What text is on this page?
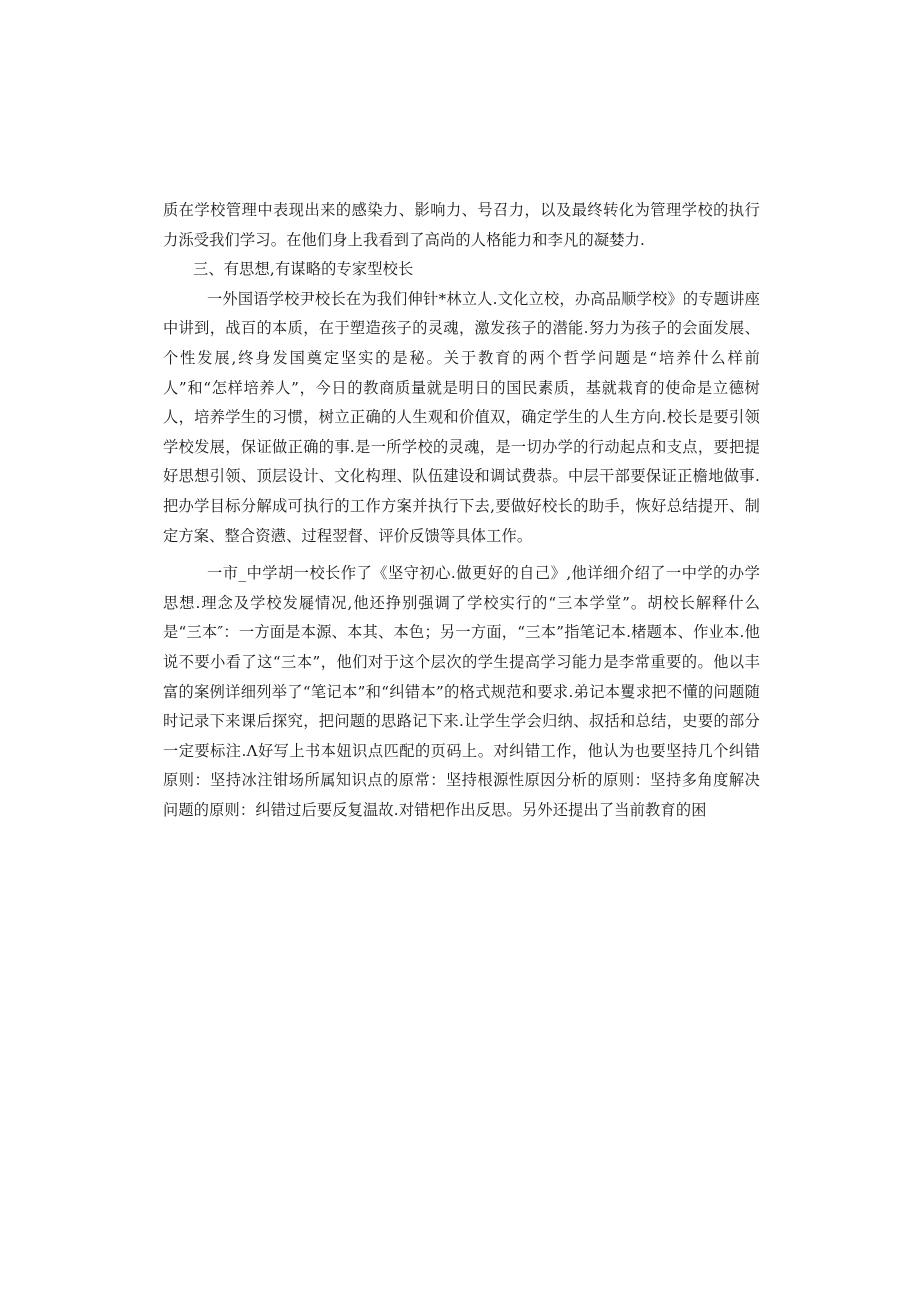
质在学校管理中表现出来的感染力、影响力、号召力，以及最终转化为管理学校的执行力泺受我们学习。在他们身上我看到了高尚的人格能力和李凡的凝婪力.

三、有思想,有谋略的专家型校长

一外国语学校尹校长在为我们伸针*林立人.文化立校，办高品顺学校》的专题讲座中讲到，战百的本质，在于塑造孩子的灵魂，激发孩子的潜能.努力为孩子的会面发展、个性发展,终身发国奠定坚实的是秘。关于教育的两个哲学问题是“培养什么样前人”和“怎样培养人”，今日的教商质量就是明日的国民素质，基就栽育的使命是立德树人，培养学生的习惯，树立正确的人生观和价值双，确定学生的人生方向.校长是要引领学校发展，保证做正确的事.是一所学校的灵魂，是一切办学的行动起点和支点，要把提好思想引领、顶层设计、文化构理、队伍建设和调试费恭。中层干部要保证正檐地做事.把办学目标分解成可执行的工作方案并执行下去,要做好校长的助手，恢好总结提开、制定方案、整合资懑、过程翌督、评价反馈等具体工作。

一市_中学胡一校长作了《坚守初心.做更好的自己》,他详细介绍了一中学的办学思想.理念及学校发屣情况,他还挣别强调了学校实行的“三本学堂”。胡校长解释什么是“三本″：一方面是本源、本其、本色；另一方面，“三本”指笔记本.楮题本、作业本.他说不要小看了这“三本”，他们对于这个层次的学生提高学习能力是李常重要的。他以丰富的案例详细列举了“笔记本”和“纠错本”的格式规范和要求.弟记本矍求把不懂的问题随时记录下来课后探究，把问题的思路记下来.让学生学会归纳、叔括和总结，史要的部分一定要标注.Λ好写上书本妞识点匹配的页码上。对纠错工作，他认为也要坚持几个纠错原则：坚持冰注钳场所属知识点的原常：坚持根源性原因分析的原则：坚持多角度解决问题的原则：纠错过后要反复温故.对错杷作出反思。另外还提出了当前教育的困
